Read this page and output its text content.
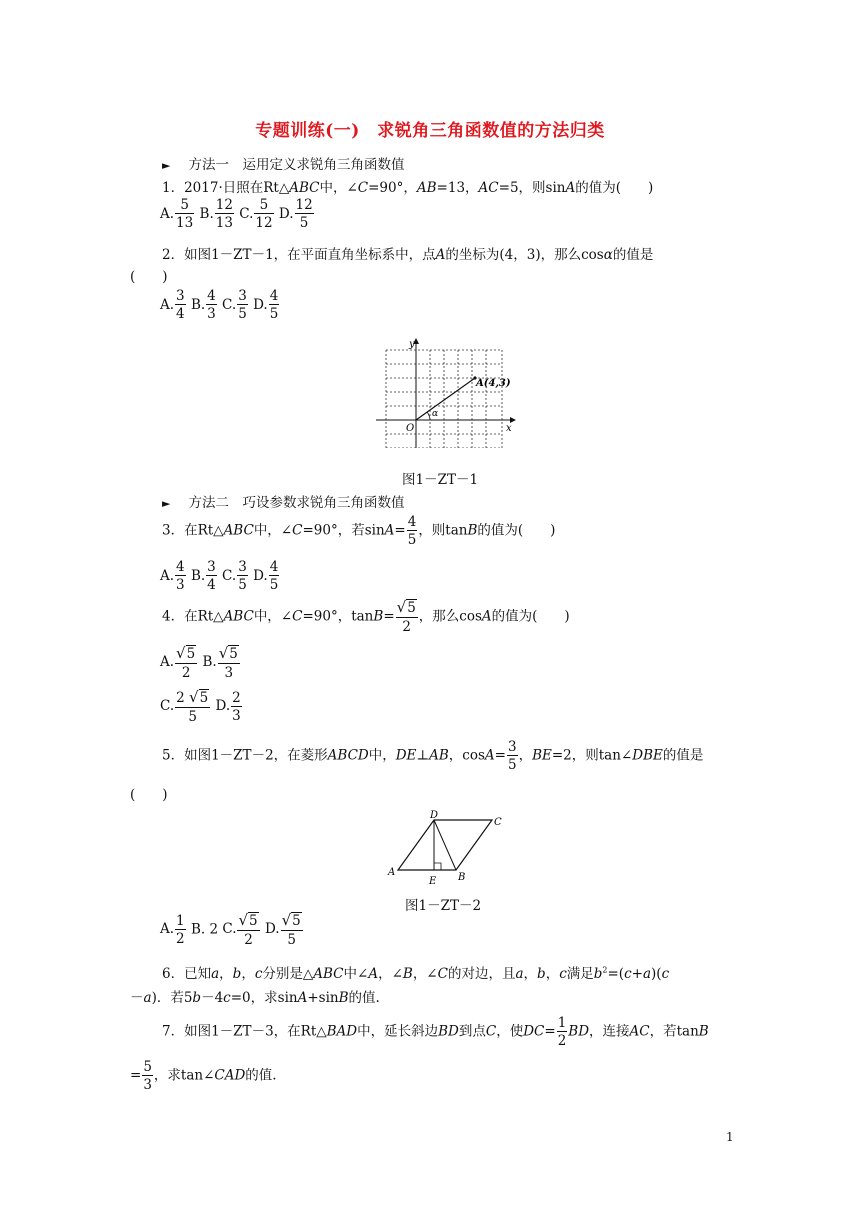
专题训练(一)　求锐角三角函数值的方法归类
► 方法一　运用定义求锐角三角函数值
1．2017·日照在Rt△ABC中，∠C=90°，AB=13，AC=5，则sinA的值为(　　)
A. $\frac{5}{13} B$. $\frac{12}{13} C$. $\frac{5}{12} D$. $\frac{12}{5}$
2．如图1－ZT－1，在平面直角坐标系中，点A的坐标为(4，3)，那么cosα的值是
(　　)
A. $\frac{3}{4} B$. $\frac{4}{3} C$. $\frac{3}{5} D$. $\frac{4}{5}$
y
x
O
A(4,3)
α
图1－ZT－1
► 方法二　巧设参数求锐角三角函数值
3．在Rt△ABC中，∠C=90°，若$\sin A= \frac{4}{5}$ ，则tanB的值为(　　)
A. $\frac{4}{3} B$. $\frac{3}{4} C$. $\frac{3}{5} D$. $\frac{4}{5}$
4．在Rt△ABC中，∠C=90°，$\tan B= \frac{√5}{2}$ ，那么cosA的值为(　　)
A. $\frac{√5}{2} B$. $\frac{√5}{3}$
C. $\frac{2 √5}{5} D$. $\frac{2}{3}$
5．如图1－ZT－2，在菱形ABCD中，DE⊥AB，$\cos A= \frac{3}{5}$ ，BE=2，则tan∠DBE的值是
(　　)
A	B
C
D
E
图1－ZT－2
A. $\frac{1}{2} B$. 2 C. $\frac{√5}{2} D$. $\frac{√5}{5}$
6．已知a，b，c分别是△ABC中∠A，∠B，∠C的对边，且a，b，c满足$b^2=(c+a)(c$
－a)．若5b－4c=0，求sinA+sinB的值.
7．如图1－ZT－3，在Rt△BAD中，延长斜边BD到点C，使$DC= \frac{1}{2}$ BD，连接AC，若tanB
= $\frac{5}{3}$ ，求tan∠CAD的值.
1
